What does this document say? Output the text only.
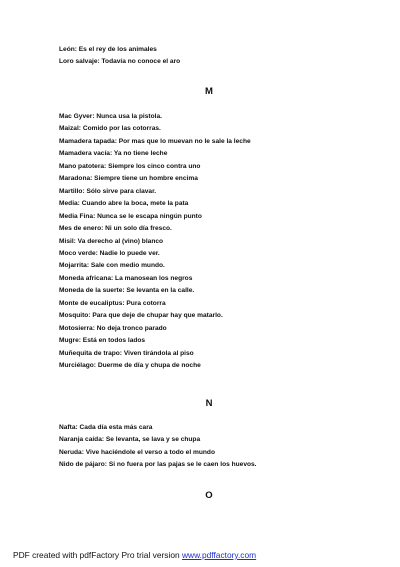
León: Es el rey de los animales
Loro salvaje: Todavía no conoce el aro
M
Mac Gyver: Nunca usa la pistola.
Maizal: Comido por las cotorras.
Mamadera tapada: Por mas que lo muevan no le sale la leche
Mamadera vacía: Ya no tiene leche
Mano patotera: Siempre los cinco contra uno
Maradona: Siempre tiene un hombre encima
Martillo: Sólo sirve para clavar.
Media: Cuando abre la boca, mete la pata
Media Fina: Nunca se le escapa ningún punto
Mes de enero: Ni un solo día fresco.
Misil: Va derecho al (vino) blanco
Moco verde: Nadie lo puede ver.
Mojarrita: Sale con medio mundo.
Moneda africana: La manosean los negros
Moneda de la suerte: Se levanta en la calle.
Monte de eucaliptus: Pura cotorra
Mosquito: Para que deje de chupar hay que matarlo.
Motosierra: No deja tronco parado
Mugre: Está en todos lados
Muñequita de trapo: Viven tirándola al piso
Murciélago: Duerme de día y chupa de noche
N
Nafta: Cada día esta más cara
Naranja caída: Se levanta, se lava y se chupa
Neruda: Vive haciéndole el verso a todo el mundo
Nido de pájaro: Si no fuera por las pajas se le caen los huevos.
O
PDF created with pdfFactory Pro trial version www.pdffactory.com
